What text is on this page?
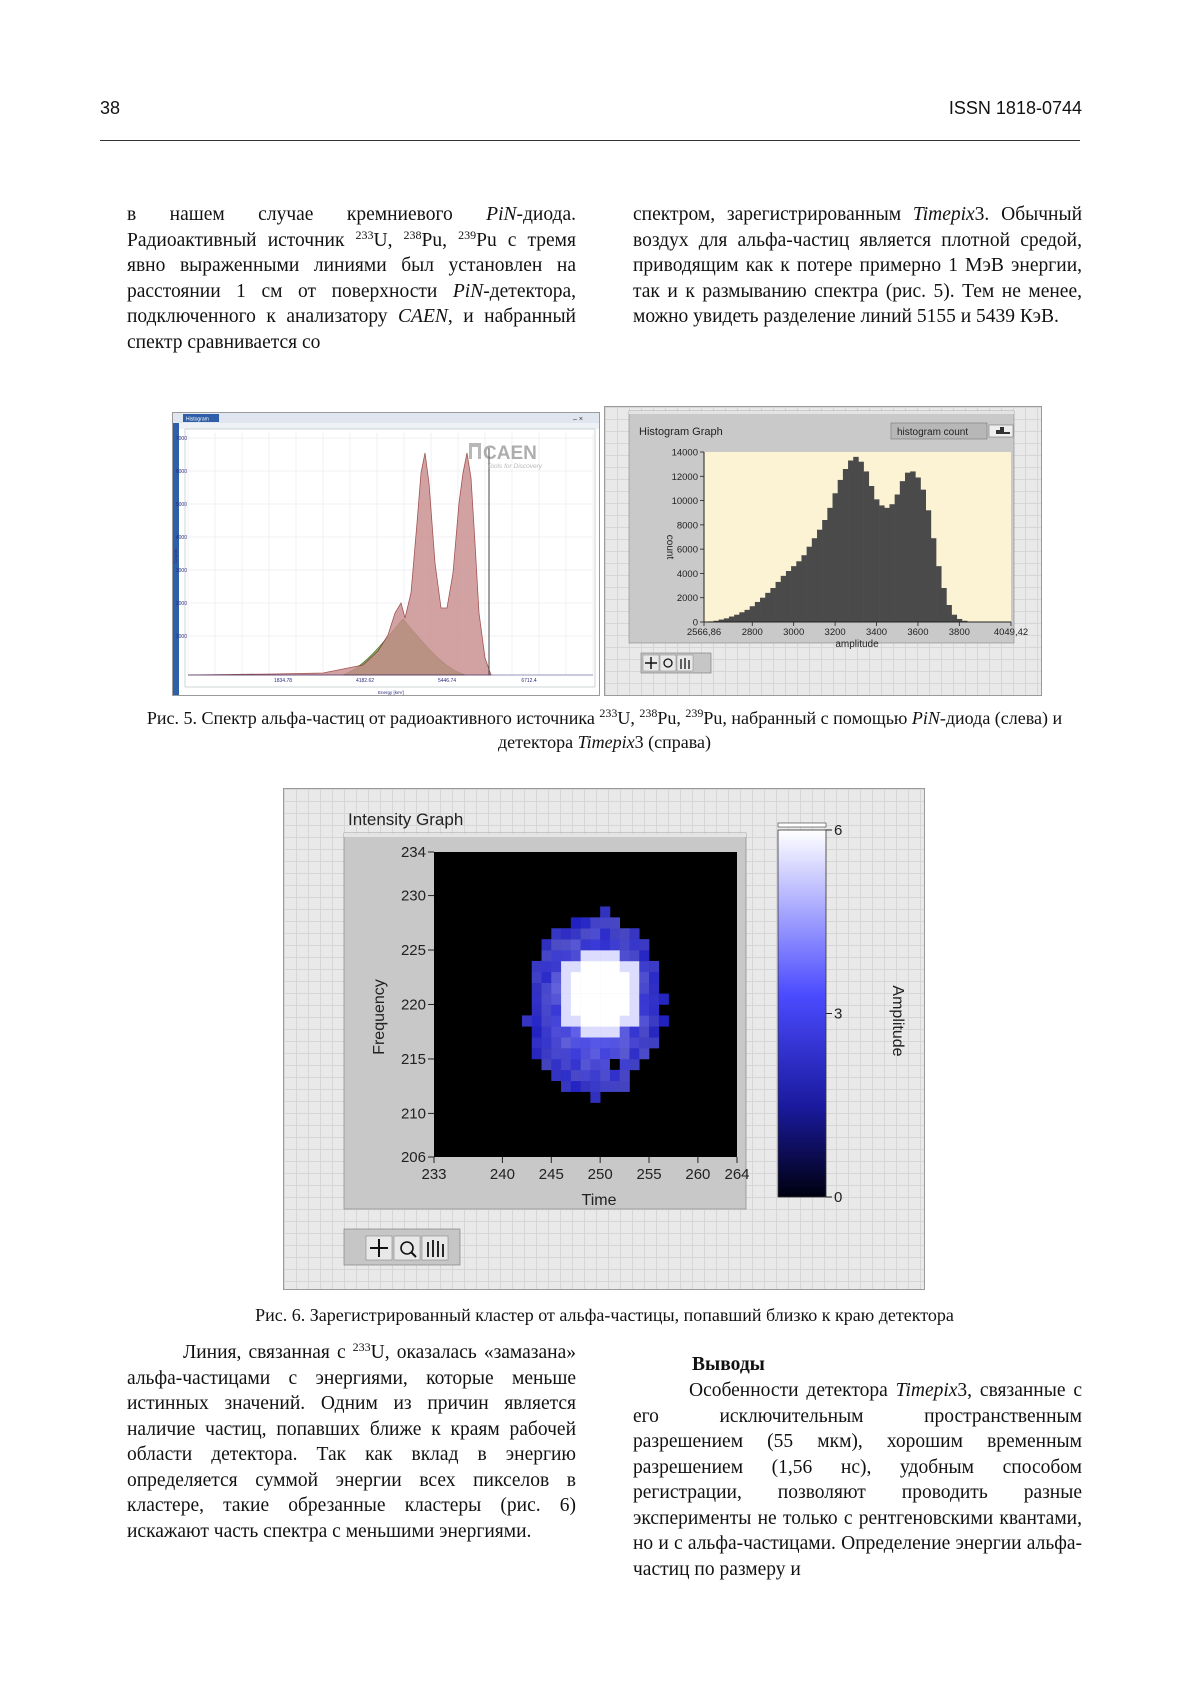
38	ISSN 1818-0744
в нашем случае кремниевого PiN-диода. Радиоактивный источник $^{233}$U, $^{238}$Pu, $^{239}$Pu с тремя явно выраженными линиями был установлен на расстоянии 1 см от поверхности PiN-детектора, подключенного к анализатору CAEN, и набранный спектр сравнивается со
спектром, зарегистрированным Timepix3. Обычный воздух для альфа-частиц является плотной средой, приводящим как к потере примерно 1 МэВ энергии, так и к размыванию спектра (рис. 5). Тем не менее, можно увидеть разделение линий 5155 и 5439 КэВ.
Histogram	– ×
7000
6000
5000
4000
3000
2000
1000
1834.78	4182.62	5446.74	6712.4
Counts
Energy [keV]
CAEN
Tools for Discovery
Histogram Graph	histogram count
14000
12000
10000
8000
6000
4000
2000
0
2566,86 2800 3000 3200 3400 3600 3800	4049,42
count
amplitude
Рис. 5. Спектр альфа-частиц от радиоактивного источника $^{233}$U, $^{238}$Pu, $^{239}$Pu, набранный с помощью PiN-диода (слева) и детектора Timepix3 (справа)
Intensity Graph
234
230
225
220
215
210
206
233	240 245 250 255 260 264
Frequency
Time
6
3
0
Amplitude
Рис. 6. Зарегистрированный кластер от альфа-частицы, попавший близко к краю детектора
Линия, связанная с $^{233}$U, оказалась «замазана» альфа-частицами с энергиями, которые меньше истинных значений. Одним из причин является наличие частиц, попавших ближе к краям рабочей области детектора. Так как вклад в энергию определяется суммой энергии всех пикселов в кластере, такие обрезанные кластеры (рис. 6) искажают часть спектра с меньшими энергиями.
Выводы
Особенности детектора Timepix3, связанные с его исключительным пространственным разрешением (55 мкм), хорошим временным разрешением (1,56 нс), удобным способом регистрации, позволяют проводить разные эксперименты не только с рентгеновскими квантами, но и с альфа-частицами. Определение энергии альфа-частиц по размеру и
